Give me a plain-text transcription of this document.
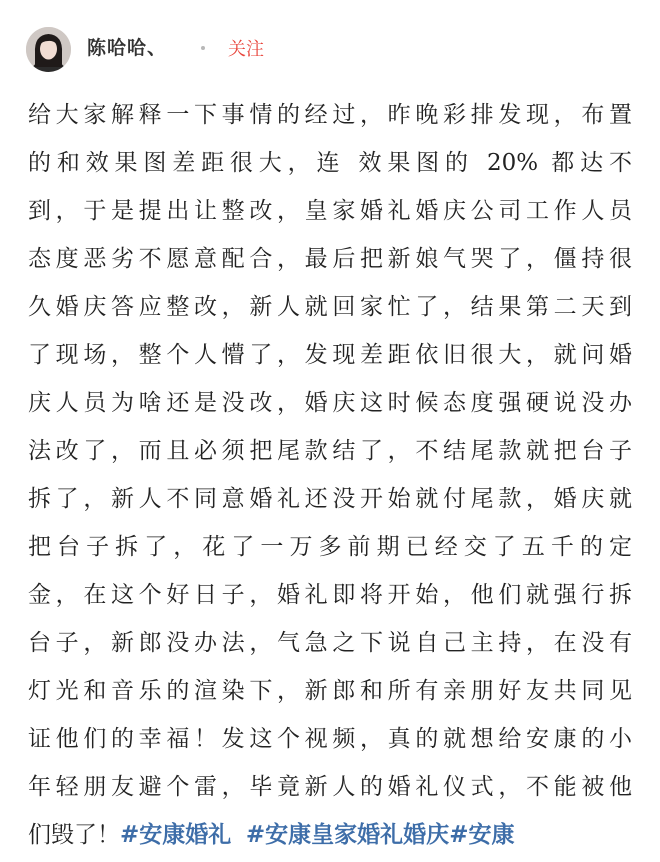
陈哈哈、	关注
给大家解释一下事情的经过，昨晚彩排发现，布置
的和效果图差距很大，连 效果图的 20% 都达不
到，于是提出让整改，皇家婚礼婚庆公司工作人员
态度恶劣不愿意配合，最后把新娘气哭了，僵持很
久婚庆答应整改，新人就回家忙了，结果第二天到
了现场，整个人懵了，发现差距依旧很大，就问婚
庆人员为啥还是没改，婚庆这时候态度强硬说没办
法改了，而且必须把尾款结了，不结尾款就把台子
拆了，新人不同意婚礼还没开始就付尾款，婚庆就
把台子拆了，花了一万多前期已经交了五千的定
金，在这个好日子，婚礼即将开始，他们就强行拆
台子，新郎没办法，气急之下说自己主持，在没有
灯光和音乐的渲染下，新郎和所有亲朋好友共同见
证他们的幸福！发这个视频，真的就想给安康的小
年轻朋友避个雷，毕竟新人的婚礼仪式，不能被他
们毁了！#安康婚礼 #安康皇家婚礼婚庆#安康
